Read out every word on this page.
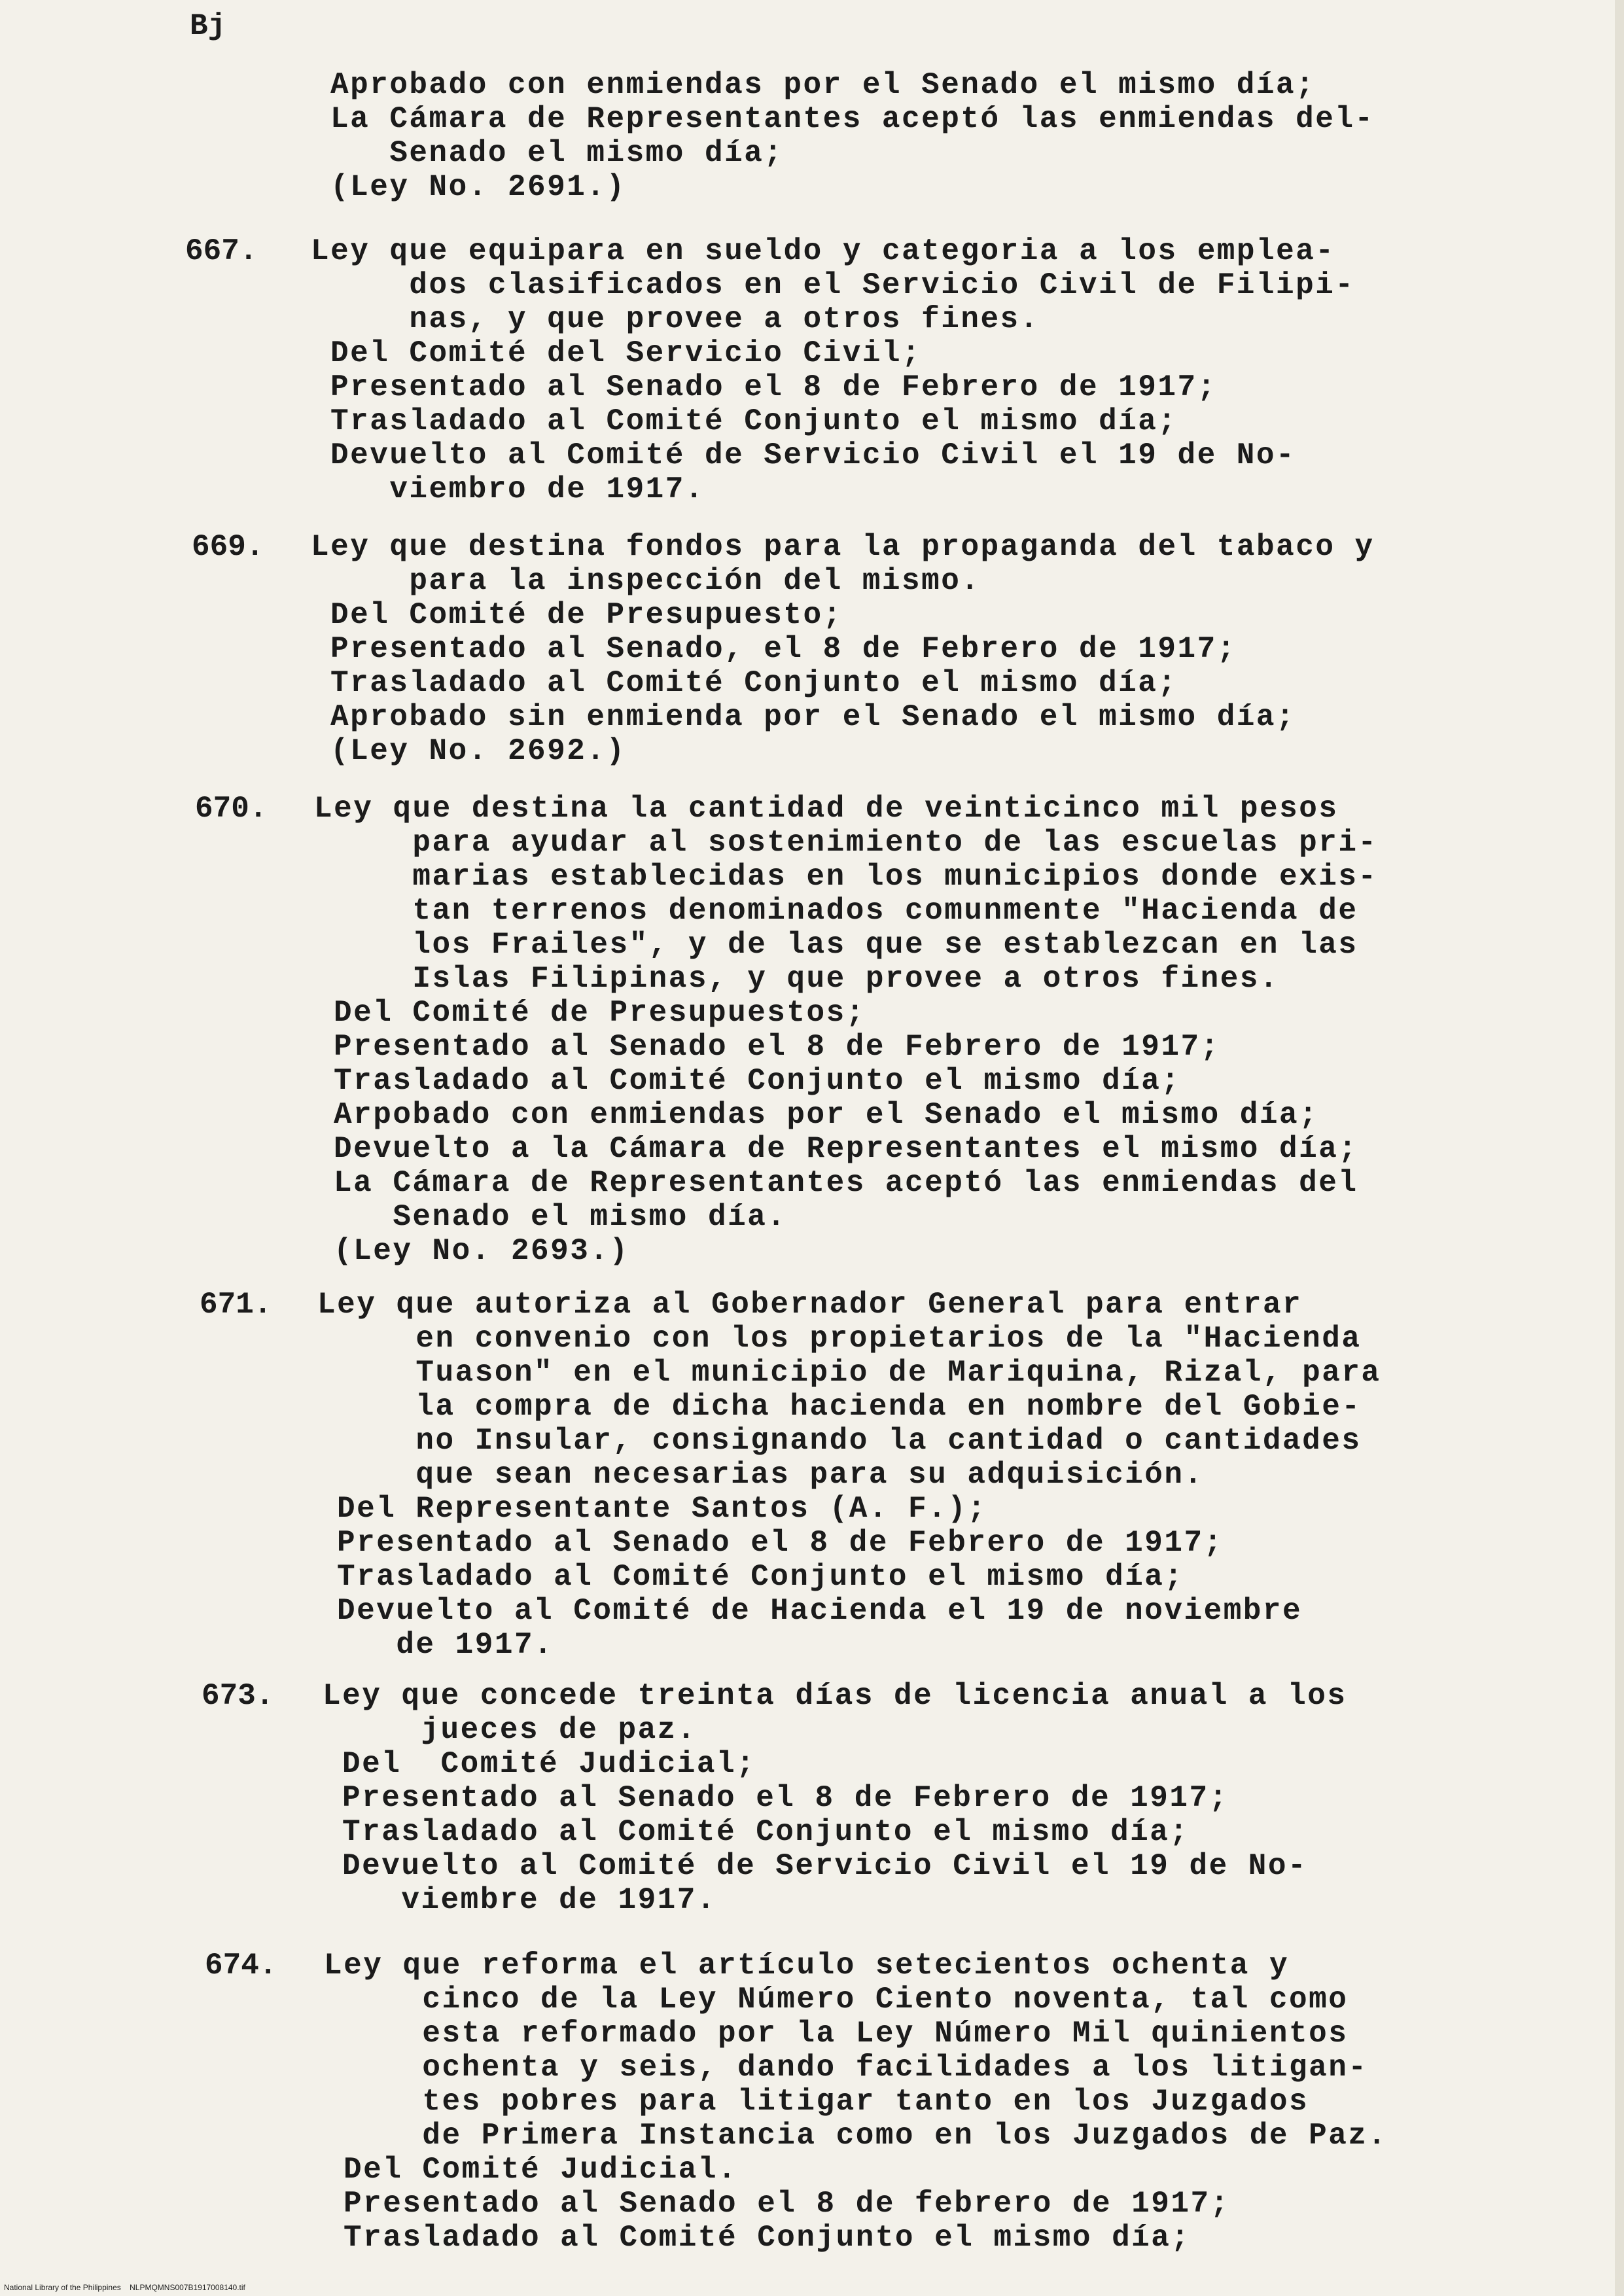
Bj
Aprobado con enmiendas por el Senado el mismo día;
La Cámara de Representantes aceptó las enmiendas del-
Senado el mismo día;
(Ley No. 2691.)
667. Ley que equipara en sueldo y categoria a los emplea-
dos clasificados en el Servicio Civil de Filipi-
nas, y que provee a otros fines.
Del Comité del Servicio Civil;
Presentado al Senado el 8 de Febrero de 1917;
Trasladado al Comité Conjunto el mismo día;
Devuelto al Comité de Servicio Civil el 19 de No-
viembro de 1917.
669. Ley que destina fondos para la propaganda del tabaco y
para la inspección del mismo.
Del Comité de Presupuesto;
Presentado al Senado, el 8 de Febrero de 1917;
Trasladado al Comité Conjunto el mismo día;
Aprobado sin enmienda por el Senado el mismo día;
(Ley No. 2692.)
670. Ley que destina la cantidad de veinticinco mil pesos
para ayudar al sostenimiento de las escuelas pri-
marias establecidas en los municipios donde exis-
tan terrenos denominados comunmente "Hacienda de
los Frailes", y de las que se establezcan en las
Islas Filipinas, y que provee a otros fines.
Del Comité de Presupuestos;
Presentado al Senado el 8 de Febrero de 1917;
Trasladado al Comité Conjunto el mismo día;
Arpobado con enmiendas por el Senado el mismo día;
Devuelto a la Cámara de Representantes el mismo día;
La Cámara de Representantes aceptó las enmiendas del
Senado el mismo día.
(Ley No. 2693.)
671. Ley que autoriza al Gobernador General para entrar
en convenio con los propietarios de la "Hacienda
Tuason" en el municipio de Mariquina, Rizal, para
la compra de dicha hacienda en nombre del Gobie-
no Insular, consignando la cantidad o cantidades
que sean necesarias para su adquisición.
Del Representante Santos (A. F.);
Presentado al Senado el 8 de Febrero de 1917;
Trasladado al Comité Conjunto el mismo día;
Devuelto al Comité de Hacienda el 19 de noviembre
de 1917.
673. Ley que concede treinta días de licencia anual a los
jueces de paz.
Del  Comité Judicial;
Presentado al Senado el 8 de Febrero de 1917;
Trasladado al Comité Conjunto el mismo día;
Devuelto al Comité de Servicio Civil el 19 de No-
viembre de 1917.
674. Ley que reforma el artículo setecientos ochenta y
cinco de la Ley Número Ciento noventa, tal como
esta reformado por la Ley Número Mil quinientos
ochenta y seis, dando facilidades a los litigan-
tes pobres para litigar tanto en los Juzgados
de Primera Instancia como en los Juzgados de Paz.
Del Comité Judicial.
Presentado al Senado el 8 de febrero de 1917;
Trasladado al Comité Conjunto el mismo día;
National Library of the Philippines    NLPMQMNS007B1917008140.tif
